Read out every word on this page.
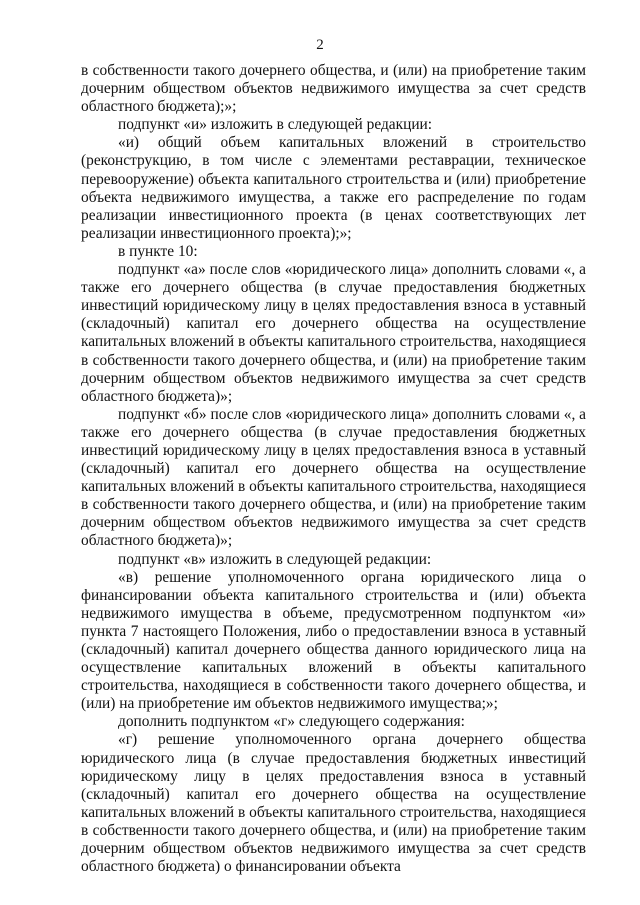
2

в собственности такого дочернего общества, и (или) на приобретение таким дочерним обществом объектов недвижимого имущества за счет средств областного бюджета);»;

подпункт «и» изложить в следующей редакции:

«и) общий объем капитальных вложений в строительство (реконструкцию, в том числе с элементами реставрации, техническое перевооружение) объекта капитального строительства и (или) приобретение объекта недвижимого имущества, а также его распределение по годам реализации инвестиционного проекта (в ценах соответствующих лет реализации инвестиционного проекта);»;

в пункте 10:

подпункт «а» после слов «юридического лица» дополнить словами «, а также его дочернего общества (в случае предоставления бюджетных инвестиций юридическому лицу в целях предоставления взноса в уставный (складочный) капитал его дочернего общества на осуществление капитальных вложений в объекты капитального строительства, находящиеся в собственности такого дочернего общества, и (или) на приобретение таким дочерним обществом объектов недвижимого имущества за счет средств областного бюджета)»;

подпункт «б» после слов «юридического лица» дополнить словами «, а также его дочернего общества (в случае предоставления бюджетных инвестиций юридическому лицу в целях предоставления взноса в уставный (складочный) капитал его дочернего общества на осуществление капитальных вложений в объекты капитального строительства, находящиеся в собственности такого дочернего общества, и (или) на приобретение таким дочерним обществом объектов недвижимого имущества за счет средств областного бюджета)»;

подпункт «в» изложить в следующей редакции:

«в) решение уполномоченного органа юридического лица о финансировании объекта капитального строительства и (или) объекта недвижимого имущества в объеме, предусмотренном подпунктом «и» пункта 7 настоящего Положения, либо о предоставлении взноса в уставный (складочный) капитал дочернего общества данного юридического лица на осуществление капитальных вложений в объекты капитального строительства, находящиеся в собственности такого дочернего общества, и (или) на приобретение им объектов недвижимого имущества;»;

дополнить подпунктом «г» следующего содержания:

«г) решение уполномоченного органа дочернего общества юридического лица (в случае предоставления бюджетных инвестиций юридическому лицу в целях предоставления взноса в уставный (складочный) капитал его дочернего общества на осуществление капитальных вложений в объекты капитального строительства, находящиеся в собственности такого дочернего общества, и (или) на приобретение таким дочерним обществом объектов недвижимого имущества за счет средств областного бюджета) о финансировании объекта
